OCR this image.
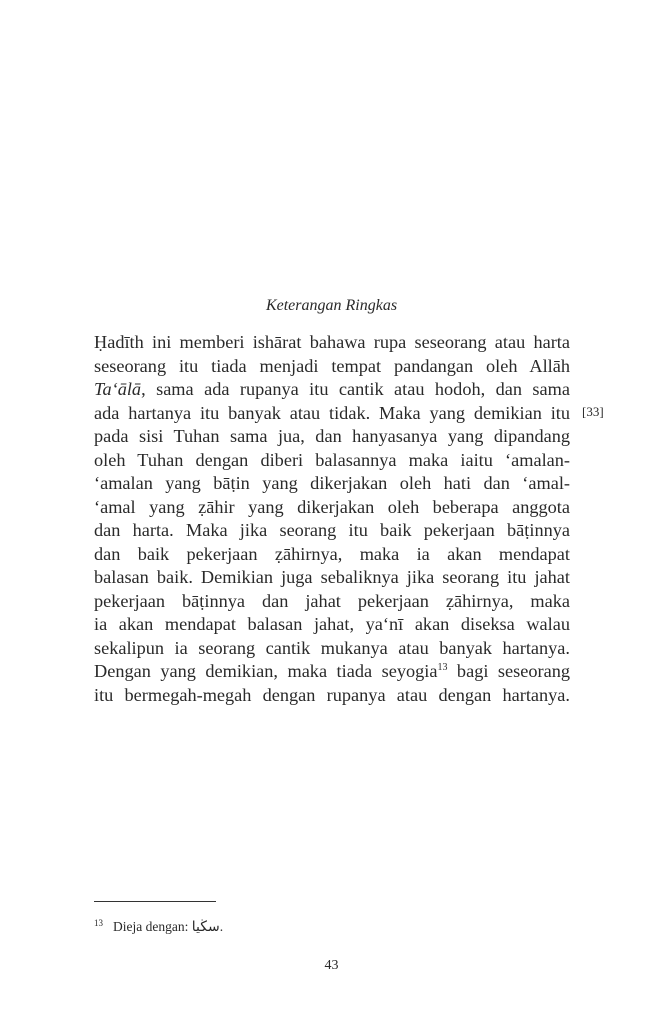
Keterangan Ringkas
Ḥadīth ini memberi ishārat bahawa rupa seseorang atau harta
seseorang itu tiada menjadi tempat pandangan oleh Allāh
Ta‘ālā, sama ada rupanya itu cantik atau hodoh, dan sama
ada hartanya itu banyak atau tidak. Maka yang demikian itu
pada sisi Tuhan sama jua, dan hanyasanya yang dipandang
oleh Tuhan dengan diberi balasannya maka iaitu ‘amalan-
‘amalan yang bāṭin yang dikerjakan oleh hati dan ‘amal-
‘amal yang ẓāhir yang dikerjakan oleh beberapa anggota
dan harta. Maka jika seorang itu baik pekerjaan bāṭinnya
dan baik pekerjaan ẓāhirnya, maka ia akan mendapat
balasan baik. Demikian juga sebaliknya jika seorang itu jahat
pekerjaan bāṭinnya dan jahat pekerjaan ẓāhirnya, maka
ia akan mendapat balasan jahat, ya‘nī akan diseksa walau
sekalipun ia seorang cantik mukanya atau banyak hartanya.
Dengan yang demikian, maka tiada seyogia$^{13}$ bagi seseorang
itu bermegah-megah dengan rupanya atau dengan hartanya.
[33]
$^{13}$ Dieja dengan: سڬيا.
43
